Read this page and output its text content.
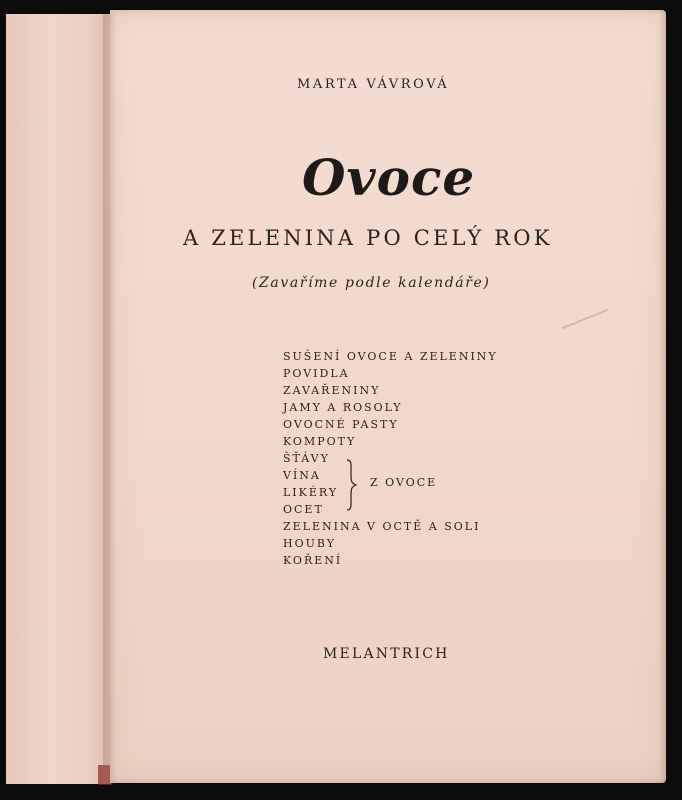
MARTA VÁVROVÁ
Ovoce
A ZELENINA PO CELÝ ROK
(Zavaříme podle kalendáře)
SUŠENÍ OVOCE A ZELENINY
POVIDLA
ZAVAŘENINY
JAMY A ROSOLY
OVOCNÉ PASTY
KOMPOTY
ŠŤÁVY
VÍNA
LIKÉRY
OCET
ZELENINA V OCTĚ A SOLI
HOUBY
KOŘENÍ
Z OVOCE
MELANTRICH
